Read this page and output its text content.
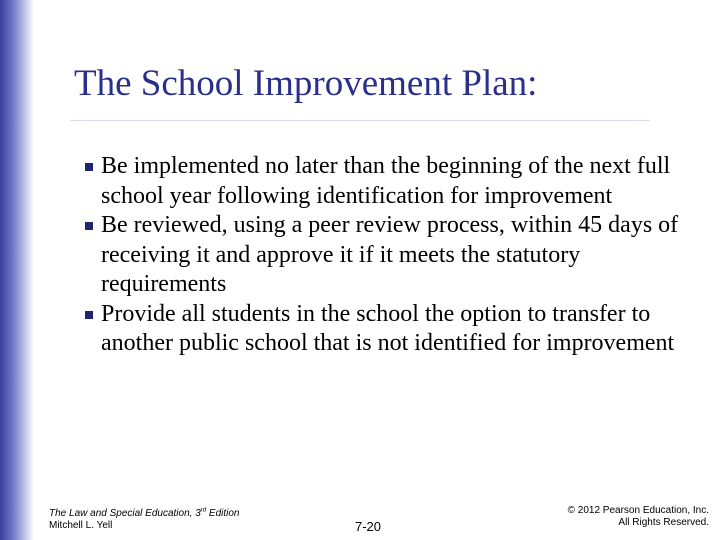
The School Improvement Plan:
Be implemented no later than the beginning of the next full school year following identification for improvement
Be reviewed, using a peer review process, within 45 days of receiving it and approve it if it meets the statutory requirements
Provide all students in the school the option to transfer to another public school that is not identified for improvement
The Law and Special Education, 3rd Edition
Mitchell L. Yell	7-20
© 2012 Pearson Education, Inc.
All Rights Reserved.
